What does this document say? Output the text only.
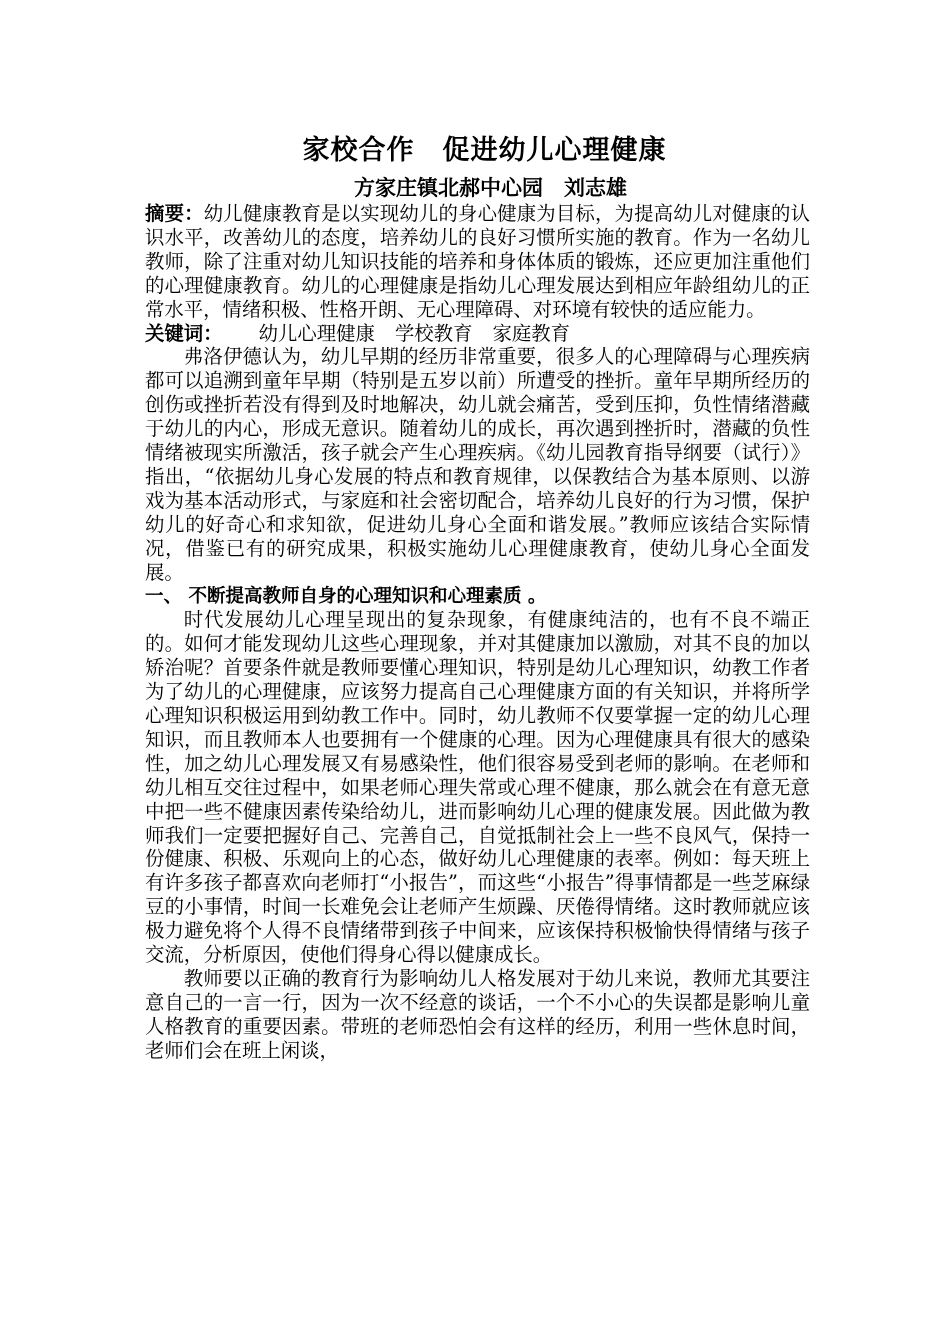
家校合作　促进幼儿心理健康
方家庄镇北郝中心园　刘志雄

摘要：幼儿健康教育是以实现幼儿的身心健康为目标，为提高幼儿对健康的认识水平，改善幼儿的态度，培养幼儿的良好习惯所实施的教育。作为一名幼儿教师，除了注重对幼儿知识技能的培养和身体体质的锻炼，还应更加注重他们的心理健康教育。幼儿的心理健康是指幼儿心理发展达到相应年龄组幼儿的正常水平，情绪积极、性格开朗、无心理障碍、对环境有较快的适应能力。

关键词： 幼儿心理健康 学校教育 家庭教育

弗洛伊德认为，幼儿早期的经历非常重要，很多人的心理障碍与心理疾病都可以追溯到童年早期（特别是五岁以前）所遭受的挫折。童年早期所经历的创伤或挫折若没有得到及时地解决，幼儿就会痛苦，受到压抑，负性情绪潜藏于幼儿的内心，形成无意识。随着幼儿的成长，再次遇到挫折时，潜藏的负性情绪被现实所激活，孩子就会产生心理疾病。《幼儿园教育指导纲要（试行）》指出，“依据幼儿身心发展的特点和教育规律，以保教结合为基本原则、以游戏为基本活动形式，与家庭和社会密切配合，培养幼儿良好的行为习惯，保护幼儿的好奇心和求知欲，促进幼儿身心全面和谐发展。”教师应该结合实际情况，借鉴已有的研究成果，积极实施幼儿心理健康教育，使幼儿身心全面发展。

一、 不断提高教师自身的心理知识和心理素质 。

时代发展幼儿心理呈现出的复杂现象，有健康纯洁的，也有不良不端正的。如何才能发现幼儿这些心理现象，并对其健康加以激励，对其不良的加以矫治呢？首要条件就是教师要懂心理知识，特别是幼儿心理知识，幼教工作者为了幼儿的心理健康，应该努力提高自己心理健康方面的有关知识，并将所学心理知识积极运用到幼教工作中。同时，幼儿教师不仅要掌握一定的幼儿心理知识，而且教师本人也要拥有一个健康的心理。因为心理健康具有很大的感染性，加之幼儿心理发展又有易感染性，他们很容易受到老师的影响。在老师和幼儿相互交往过程中，如果老师心理失常或心理不健康，那么就会在有意无意中把一些不健康因素传染给幼儿，进而影响幼儿心理的健康发展。因此做为教师我们一定要把握好自己、完善自己，自觉抵制社会上一些不良风气，保持一份健康、积极、乐观向上的心态，做好幼儿心理健康的表率。例如：每天班上有许多孩子都喜欢向老师打“小报告”，而这些“小报告”得事情都是一些芝麻绿豆的小事情，时间一长难免会让老师产生烦躁、厌倦得情绪。这时教师就应该极力避免将个人得不良情绪带到孩子中间来，应该保持积极愉快得情绪与孩子交流，分析原因，使他们得身心得以健康成长。

教师要以正确的教育行为影响幼儿人格发展对于幼儿来说，教师尤其要注意自己的一言一行，因为一次不经意的谈话，一个不小心的失误都是影响儿童人格教育的重要因素。带班的老师恐怕会有这样的经历，利用一些休息时间，老师们会在班上闲谈，
